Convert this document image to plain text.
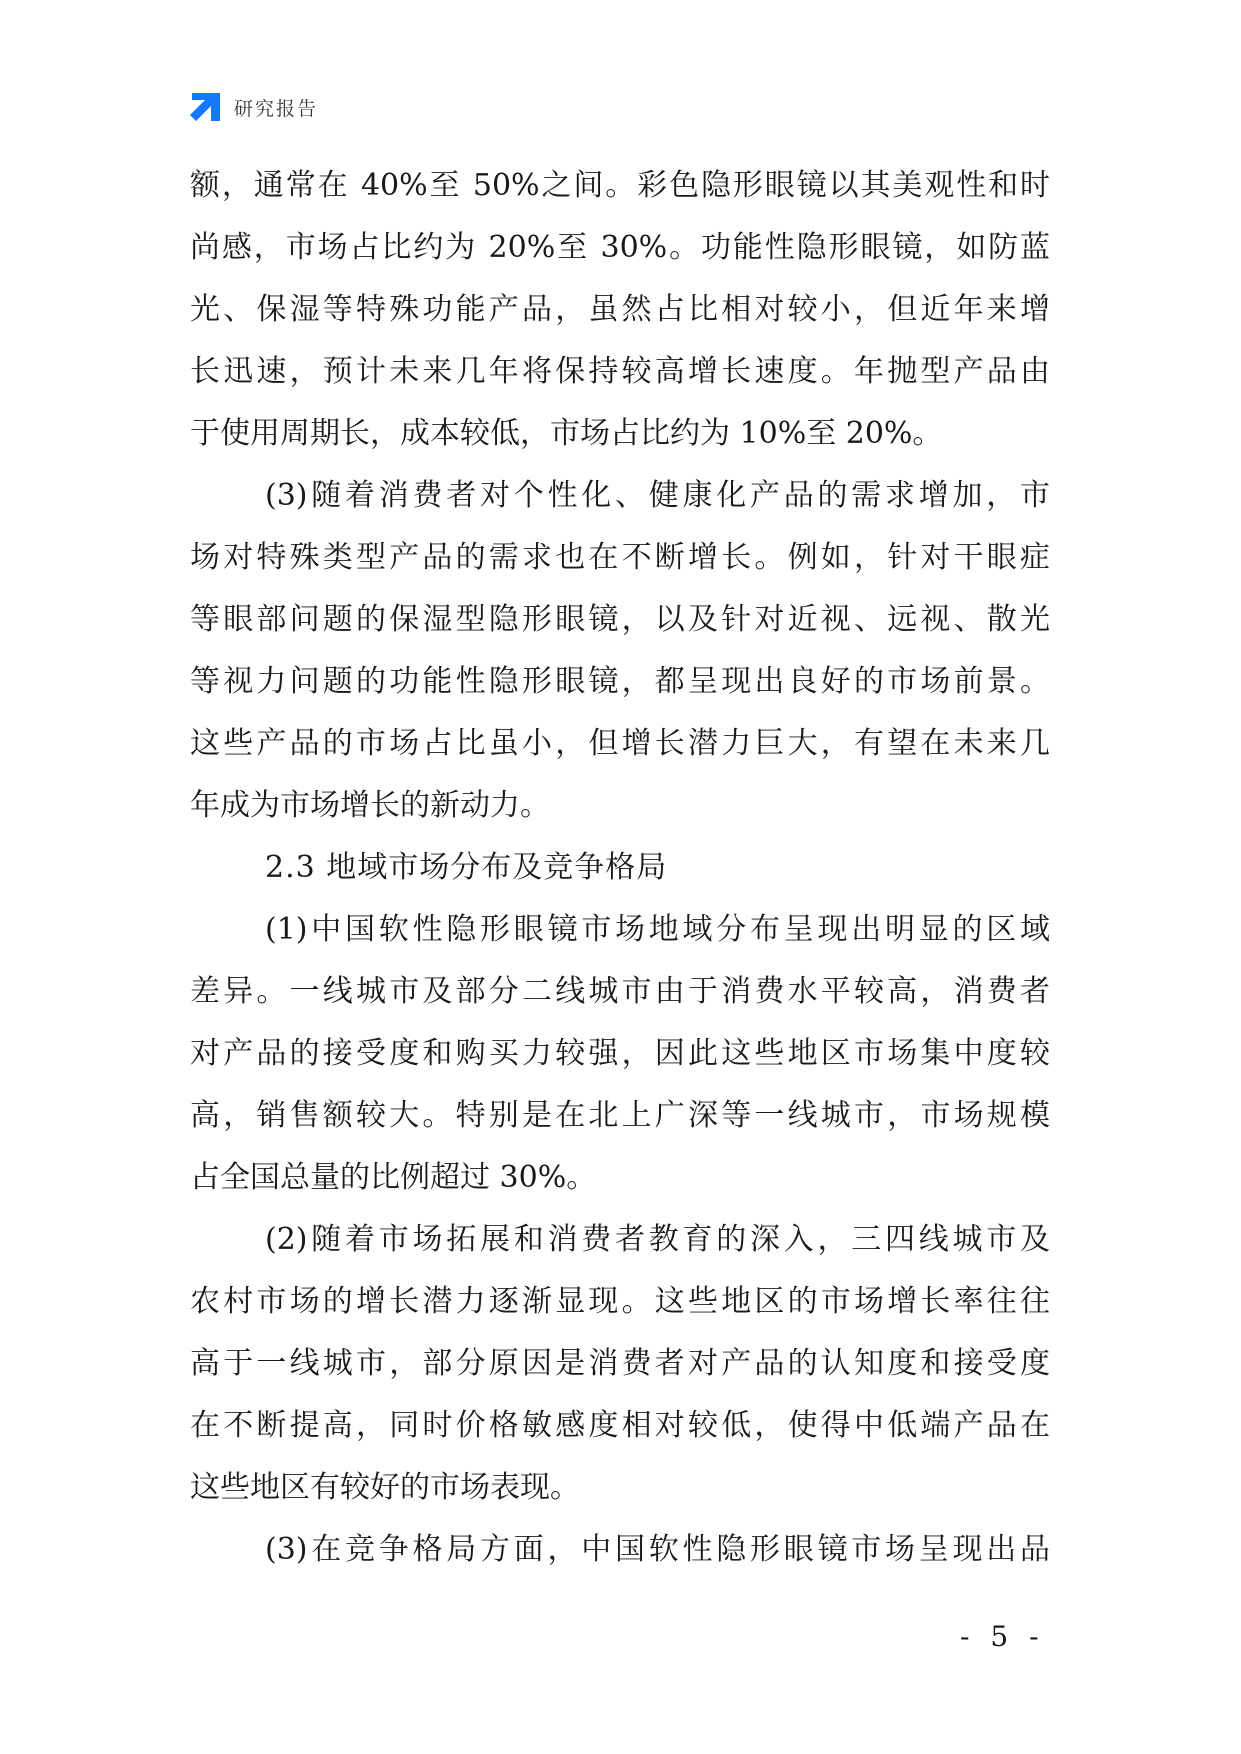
研究报告
额，通常在 40%至 50%之间。彩色隐形眼镜以其美观性和时
尚感，市场占比约为 20%至 30%。功能性隐形眼镜，如防蓝
光、保湿等特殊功能产品，虽然占比相对较小，但近年来增
长迅速，预计未来几年将保持较高增长速度。年抛型产品由
于使用周期长，成本较低，市场占比约为 10%至 20%。
(3)随着消费者对个性化、健康化产品的需求增加，市
场对特殊类型产品的需求也在不断增长。例如，针对干眼症
等眼部问题的保湿型隐形眼镜，以及针对近视、远视、散光
等视力问题的功能性隐形眼镜，都呈现出良好的市场前景。
这些产品的市场占比虽小，但增长潜力巨大，有望在未来几
年成为市场增长的新动力。
2.3 地域市场分布及竞争格局
(1)中国软性隐形眼镜市场地域分布呈现出明显的区域
差异。一线城市及部分二线城市由于消费水平较高，消费者
对产品的接受度和购买力较强，因此这些地区市场集中度较
高，销售额较大。特别是在北上广深等一线城市，市场规模
占全国总量的比例超过 30%。
(2)随着市场拓展和消费者教育的深入，三四线城市及
农村市场的增长潜力逐渐显现。这些地区的市场增长率往往
高于一线城市，部分原因是消费者对产品的认知度和接受度
在不断提高，同时价格敏感度相对较低，使得中低端产品在
这些地区有较好的市场表现。
(3)在竞争格局方面，中国软性隐形眼镜市场呈现出品
- 5 -
